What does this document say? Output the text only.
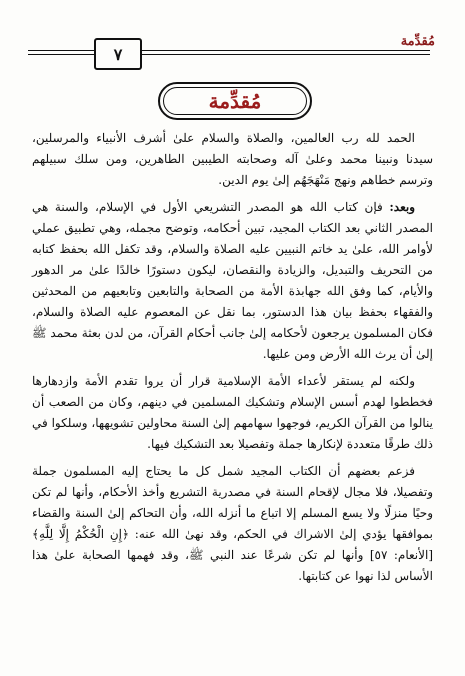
٧
مُقدِّمة
مُقدِّمة

الحمد لله رب العالمين، والصلاة والسلام علىٰ أشرف الأنبياء والمرسلين، سيدنا ونبينا محمد وعلىٰ آله وصحابته الطيبين الطاهرين، ومن سلك سبيلهم وترسم خطاهم ونهج مَنْهَجَهُم إلىٰ يوم الدين.

وبعد: فإن كتاب الله هو المصدر التشريعي الأول في الإسلام، والسنة هي المصدر الثاني بعد الكتاب المجيد، تبين أحكامه، وتوضح مجمله، وهي تطبيق عملي لأوامر الله، علىٰ يد خاتم النبيين عليه الصلاة والسلام، وقد تكفل الله بحفظ كتابه من التحريف والتبديل، والزيادة والنقصان، ليكون دستورًا خالدًا علىٰ مر الدهور والأيام، كما وفق الله جهابذة الأمة من الصحابة والتابعين وتابعيهم من المحدثين والفقهاء بحفظ بيان هذا الدستور، بما نقل عن المعصوم عليه الصلاة والسلام، فكان المسلمون يرجعون لأحكامه إلىٰ جانب أحكام القرآن، من لدن بعثة محمد ﷺ إلىٰ أن يرث الله الأرض ومن عليها.

ولكنه لم يستقر لأعداء الأمة الإسلامية قرار أن يروا تقدم الأمة وازدهارها فخططوا لهدم أسس الإسلام وتشكيك المسلمين في دينهم، وكان من الصعب أن ينالوا من القرآن الكريم، فوجهوا سهامهم إلىٰ السنة محاولين تشويهها، وسلكوا في ذلك طرقًا متعددة لإنكارها جملة وتفصيلا بعد التشكيك فيها.

فزعم بعضهم أن الكتاب المجيد شمل كل ما يحتاج إليه المسلمون جملة وتفصيلا، فلا مجال لإقحام السنة في مصدرية التشريع وأخذ الأحكام، وأنها لم تكن وحيًا منزلًا ولا يسع المسلم إلا اتباع ما أنزله الله، وأن التحاكم إلىٰ السنة والقضاء بموافقها يؤدي إلىٰ الاشراك في الحكم، وقد نهىٰ الله عنه: ﴿إِنِ الْحُكْمُ إِلَّا لِلَّهِ﴾ [الأنعام: ٥٧] وأنها لم تكن شرعًا عند النبي ﷺ، وقد فهمها الصحابة علىٰ هذا الأساس لذا نهوا عن كتابتها.
